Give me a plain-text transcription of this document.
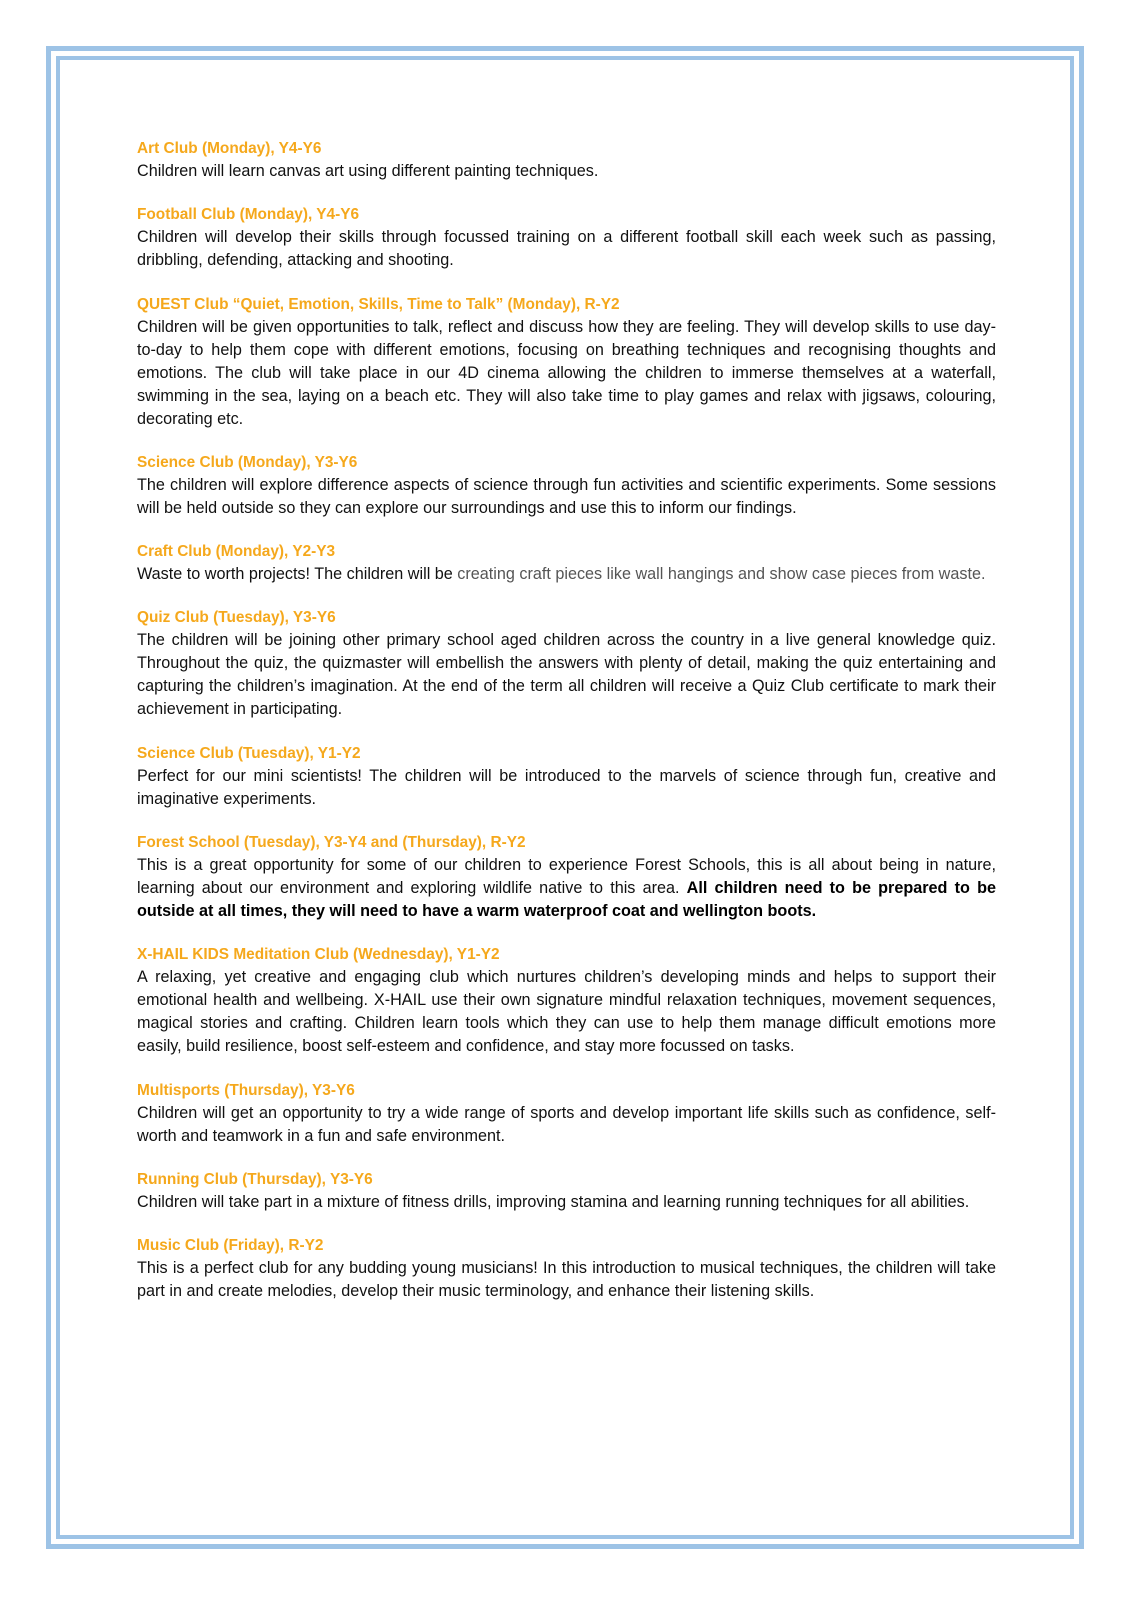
Art Club (Monday), Y4-Y6

Children will learn canvas art using different painting techniques.

Football Club (Monday), Y4-Y6

Children will develop their skills through focussed training on a different football skill each week such as passing, dribbling, defending, attacking and shooting.

QUEST Club “Quiet, Emotion, Skills, Time to Talk” (Monday), R-Y2

Children will be given opportunities to talk, reflect and discuss how they are feeling. They will develop skills to use day-to-day to help them cope with different emotions, focusing on breathing techniques and recognising thoughts and emotions. The club will take place in our 4D cinema allowing the children to immerse themselves at a waterfall, swimming in the sea, laying on a beach etc. They will also take time to play games and relax with jigsaws, colouring, decorating etc.

Science Club (Monday), Y3-Y6

The children will explore difference aspects of science through fun activities and scientific experiments. Some sessions will be held outside so they can explore our surroundings and use this to inform our findings.

Craft Club (Monday), Y2-Y3

Waste to worth projects! The children will be creating craft pieces like wall hangings and show case pieces from waste.

Quiz Club (Tuesday), Y3-Y6

The children will be joining other primary school aged children across the country in a live general knowledge quiz. Throughout the quiz, the quizmaster will embellish the answers with plenty of detail, making the quiz entertaining and capturing the children’s imagination. At the end of the term all children will receive a Quiz Club certificate to mark their achievement in participating.

Science Club (Tuesday), Y1-Y2

Perfect for our mini scientists! The children will be introduced to the marvels of science through fun, creative and imaginative experiments.

Forest School (Tuesday), Y3-Y4 and (Thursday), R-Y2

This is a great opportunity for some of our children to experience Forest Schools, this is all about being in nature, learning about our environment and exploring wildlife native to this area. All children need to be prepared to be outside at all times, they will need to have a warm waterproof coat and wellington boots.

X-HAIL KIDS Meditation Club (Wednesday), Y1-Y2

A relaxing, yet creative and engaging club which nurtures children’s developing minds and helps to support their emotional health and wellbeing. X-HAIL use their own signature mindful relaxation techniques, movement sequences, magical stories and crafting. Children learn tools which they can use to help them manage difficult emotions more easily, build resilience, boost self-esteem and confidence, and stay more focussed on tasks.

Multisports (Thursday), Y3-Y6

Children will get an opportunity to try a wide range of sports and develop important life skills such as confidence, self-worth and teamwork in a fun and safe environment.

Running Club (Thursday), Y3-Y6

Children will take part in a mixture of fitness drills, improving stamina and learning running techniques for all abilities.

Music Club (Friday), R-Y2

This is a perfect club for any budding young musicians! In this introduction to musical techniques, the children will take part in and create melodies, develop their music terminology, and enhance their listening skills.
